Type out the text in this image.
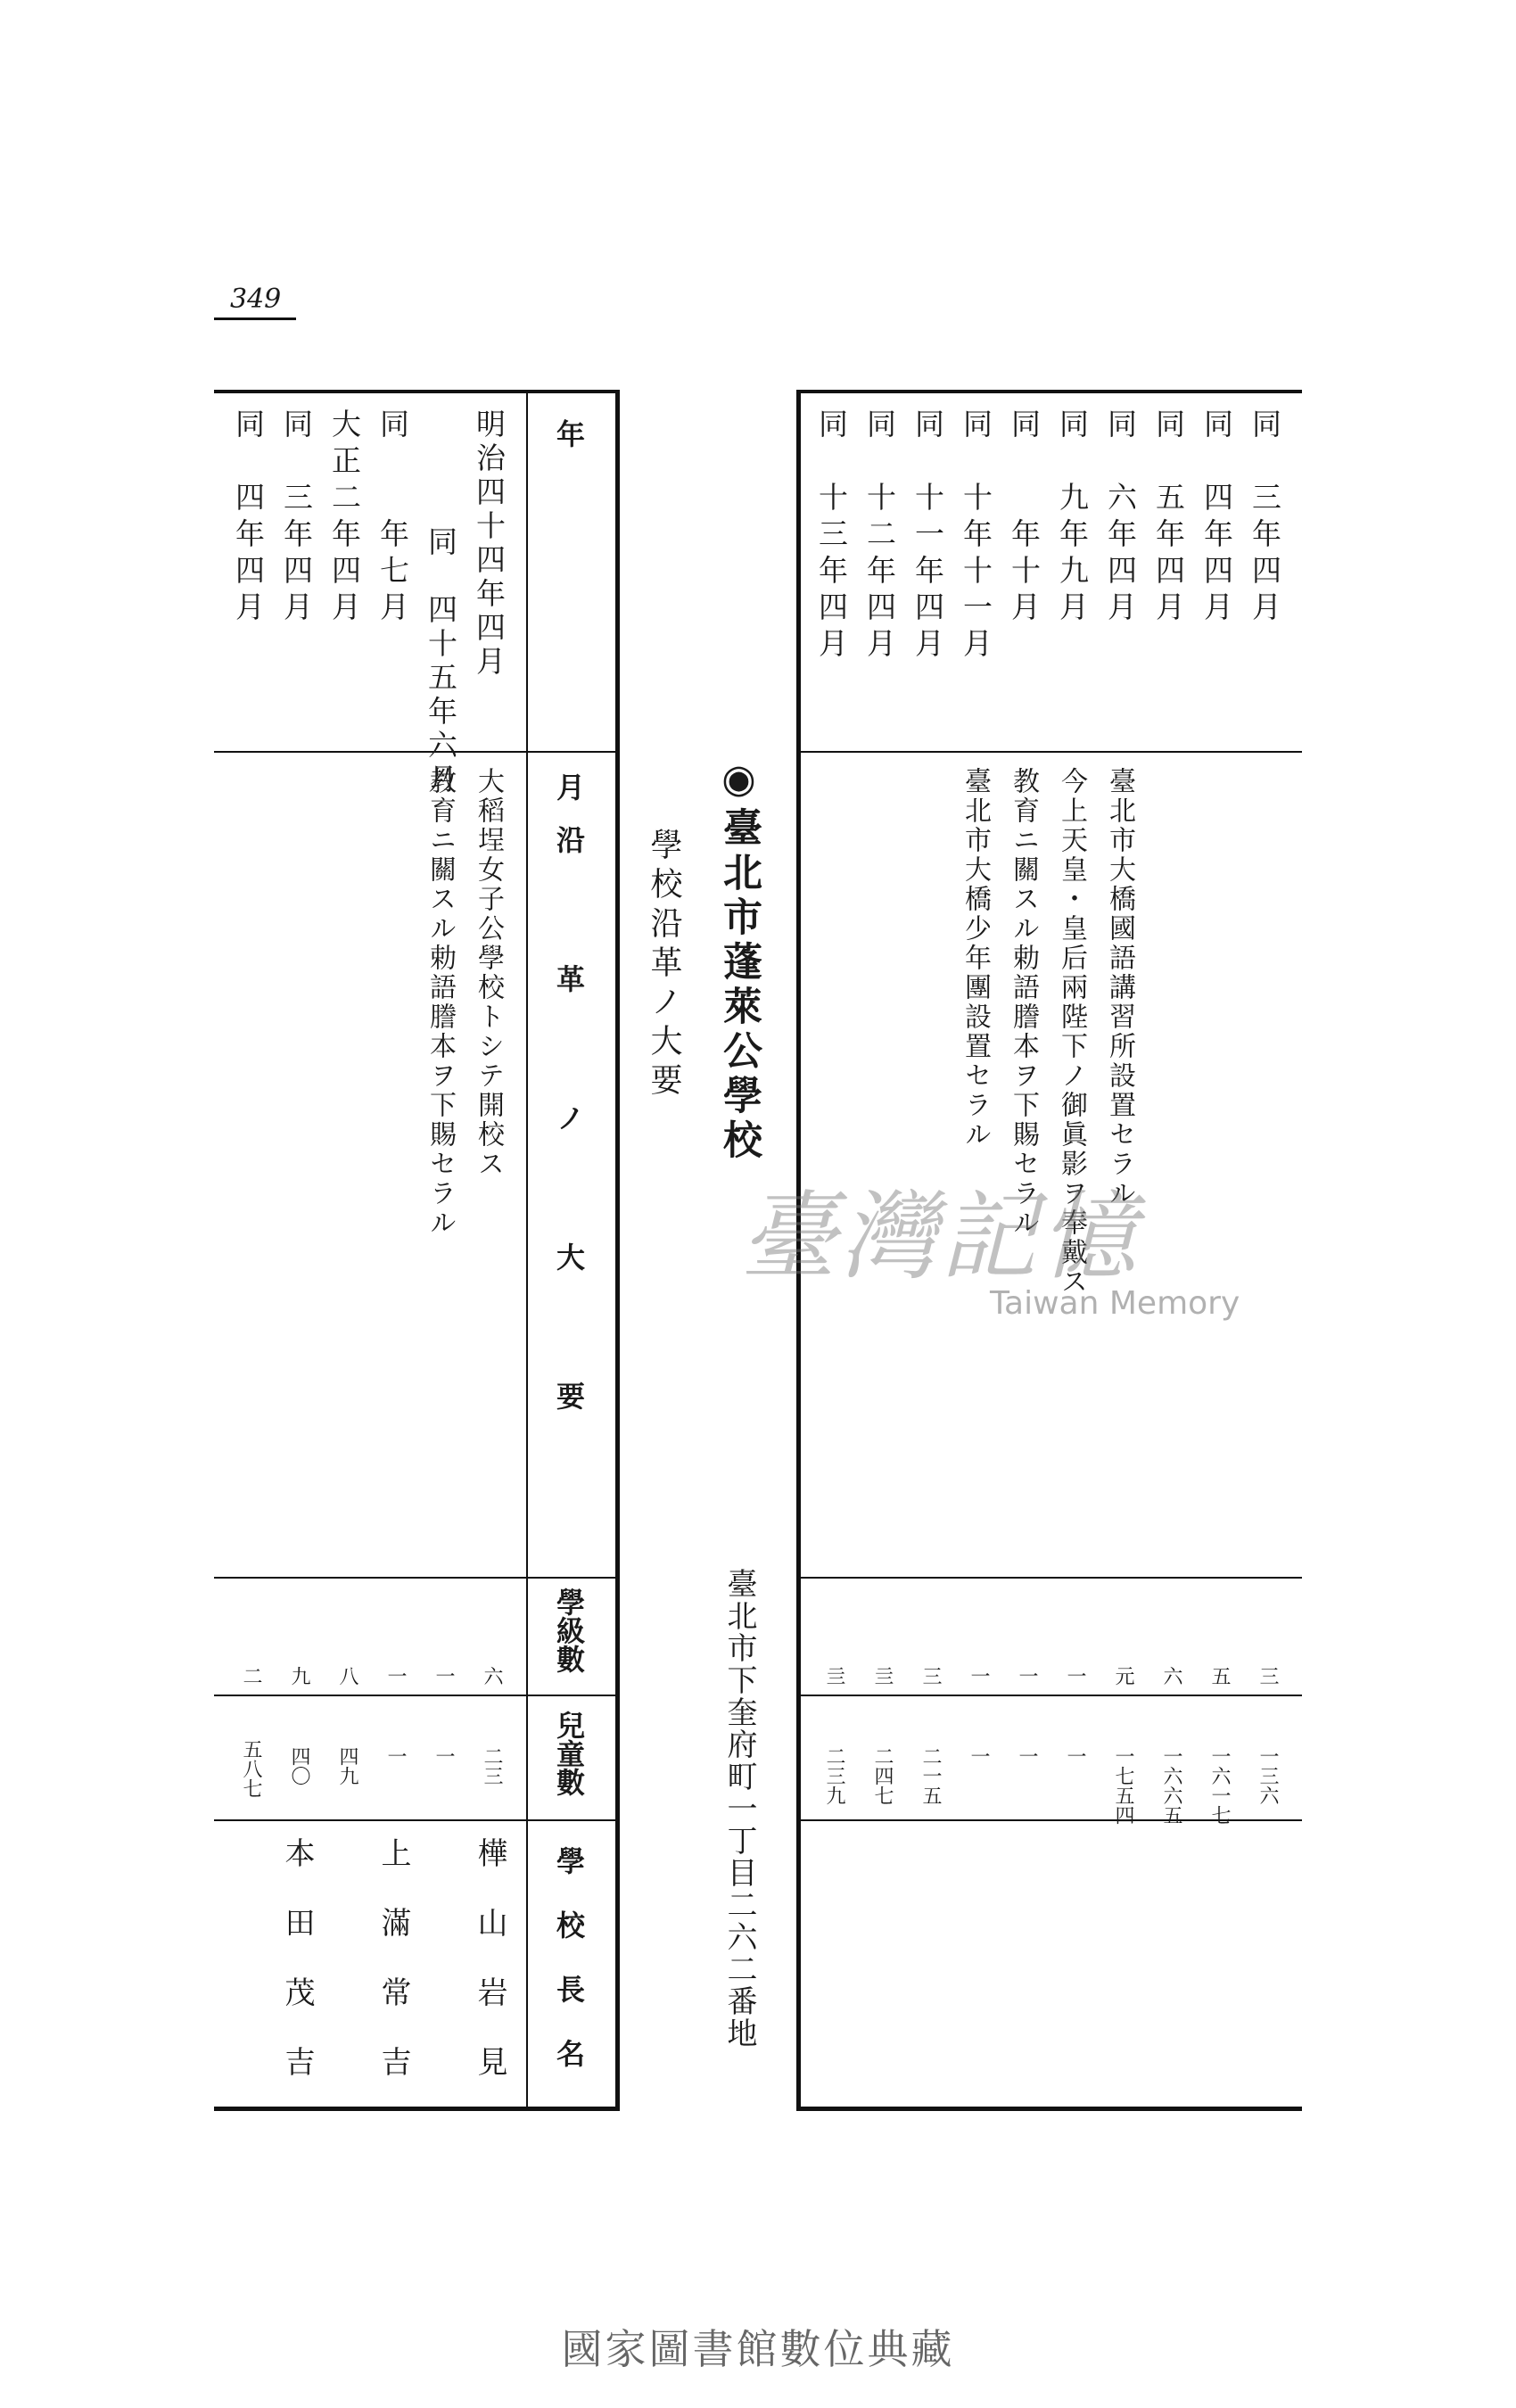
349
同　三年四月
三
一三六
同　四年四月
五
一六一七
同　五年四月
六
一六六五
同　六年四月
臺北市大橋國語講習所設置セラル
元
一七五四
同　九年九月
今上天皇・皇后兩陛下ノ御眞影ヲ奉戴ス
一
一
同　　年十月
教育ニ關スル勅語謄本ヲ下賜セラル
一
一
同　十年十一月
臺北市大橋少年團設置セラル
一
一
同　十一年四月
三
二一五
同　十二年四月
亖
二四七
同　十三年四月
亖
二三九
◉臺北市蓬萊公學校
臺北市下奎府町一丁目二六二番地
學校沿革ノ大要
年　　月
沿　革　ノ　大　要
學級數
兒童數
學校長名
明治四十四年四月
大稻埕女子公學校トシテ開校ス
六
二三
樺山岩見
同　四十五年六月
教育ニ關スル勅語謄本ヲ下賜セラル
一
一
同　　年七月
一
一
上滿常吉
大正二年四月
八
四九
同　三年四月
九
四〇
本田茂吉
同　四年四月
二
五八七
臺灣記憶
Taiwan Memory
國家圖書館數位典藏
